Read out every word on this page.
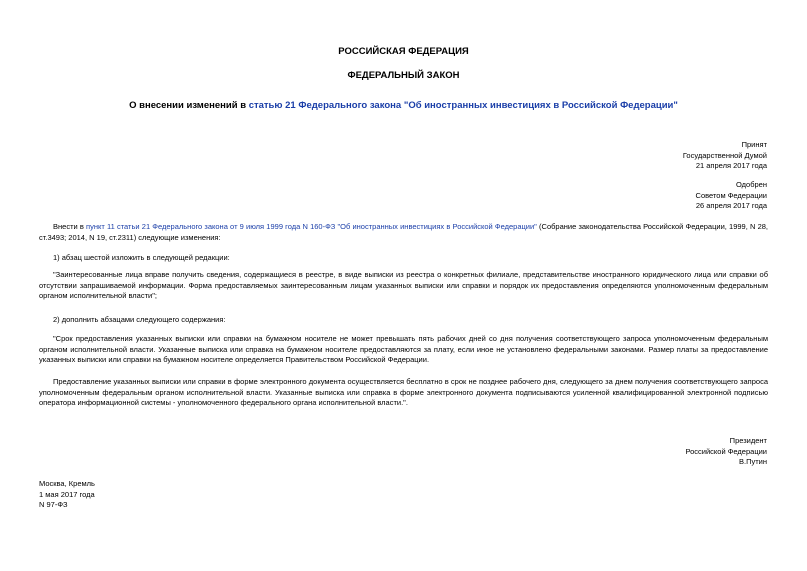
РОССИЙСКАЯ ФЕДЕРАЦИЯ
ФЕДЕРАЛЬНЫЙ ЗАКОН
О внесении изменений в статью 21 Федерального закона "Об иностранных инвестициях в Российской Федерации"
Принят
Государственной Думой
21 апреля 2017 года
Одобрен
Советом Федерации
26 апреля 2017 года
Внести в пункт 11 статьи 21 Федерального закона от 9 июля 1999 года N 160-ФЗ "Об иностранных инвестициях в Российской Федерации" (Собрание законодательства Российской Федерации, 1999, N 28, ст.3493; 2014, N 19, ст.2311) следующие изменения:
1) абзац шестой изложить в следующей редакции:
"Заинтересованные лица вправе получить сведения, содержащиеся в реестре, в виде выписки из реестра о конкретных филиале, представительстве иностранного юридического лица или справки об отсутствии запрашиваемой информации. Форма предоставляемых заинтересованным лицам указанных выписки или справки и порядок их предоставления определяются уполномоченным федеральным органом исполнительной власти";
2) дополнить абзацами следующего содержания:
"Срок предоставления указанных выписки или справки на бумажном носителе не может превышать пять рабочих дней со дня получения соответствующего запроса уполномоченным федеральным органом исполнительной власти. Указанные выписка или справка на бумажном носителе предоставляются за плату, если иное не установлено федеральными законами. Размер платы за предоставление указанных выписки или справки на бумажном носителе определяется Правительством Российской Федерации.
Предоставление указанных выписки или справки в форме электронного документа осуществляется бесплатно в срок не позднее рабочего дня, следующего за днем получения соответствующего запроса уполномоченным федеральным органом исполнительной власти. Указанные выписка или справка в форме электронного документа подписываются усиленной квалифицированной электронной подписью оператора информационной системы - уполномоченного федерального органа исполнительной власти.".
Президент
Российской Федерации
В.Путин
Москва, Кремль
1 мая 2017 года
N 97-ФЗ
